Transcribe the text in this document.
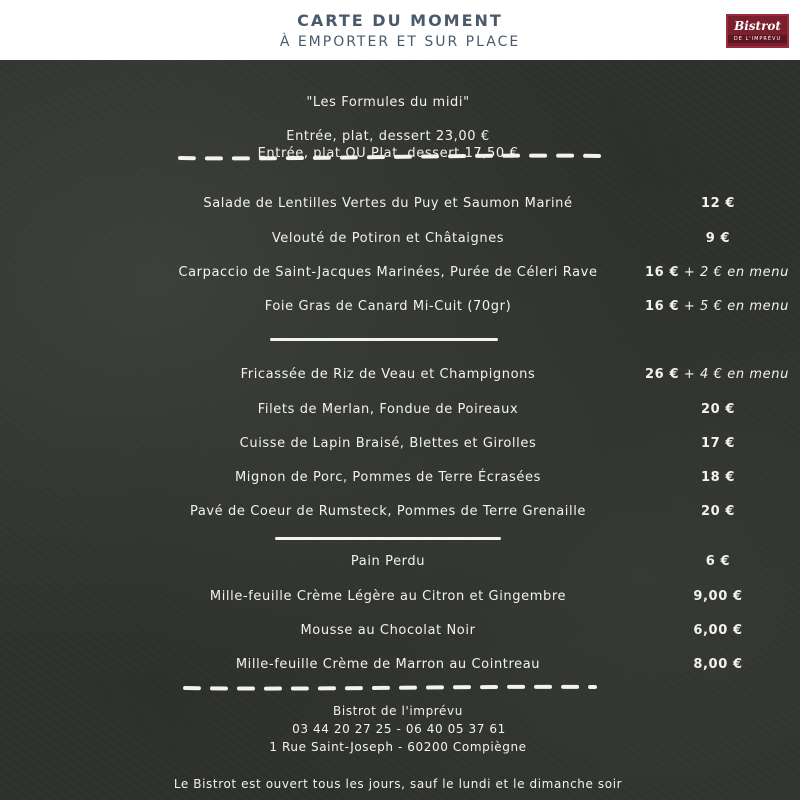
CARTE DU MOMENT
À EMPORTER ET SUR PLACE
Bistrot
DE L'IMPRÉVU
"Les Formules du midi"
Entrée, plat, dessert 23,00 €
Entrée, plat OU Plat, dessert 17,50 €
Salade de Lentilles Vertes du Puy et Saumon Mariné	12 €
Velouté de Potiron et Châtaignes	9 €
Carpaccio de Saint-Jacques Marinées, Purée de Céleri Rave	16 € + 2 € en menu
Foie Gras de Canard Mi-Cuit (70gr)	16 € + 5 € en menu
Fricassée de Riz de Veau et Champignons	26 € + 4 € en menu
Filets de Merlan, Fondue de Poireaux	20 €
Cuisse de Lapin Braisé, Blettes et Girolles	17 €
Mignon de Porc, Pommes de Terre Écrasées	18 €
Pavé de Coeur de Rumsteck, Pommes de Terre Grenaille	20 €
Pain Perdu	6 €
Mille-feuille Crème Légère au Citron et Gingembre	9,00 €
Mousse au Chocolat Noir	6,00 €
Mille-feuille Crème de Marron au Cointreau	8,00 €
Bistrot de l'imprévu
03 44 20 27 25 - 06 40 05 37 61
1 Rue Saint-Joseph - 60200 Compiègne
Le Bistrot est ouvert tous les jours, sauf le lundi et le dimanche soir
